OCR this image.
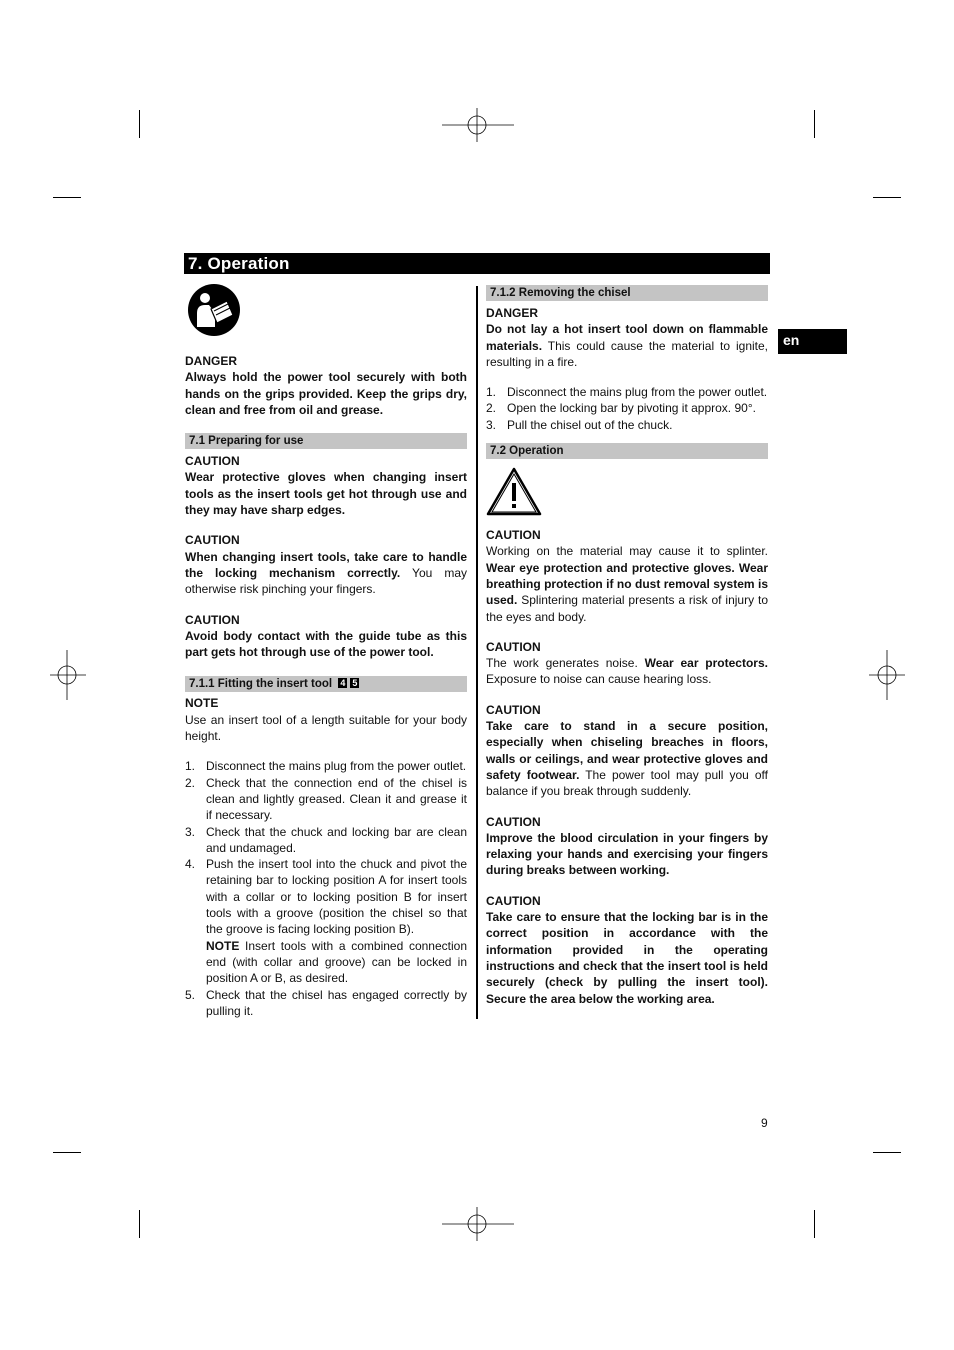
7. Operation
en
DANGER

Always hold the power tool securely with both hands on the grips provided. Keep the grips dry, clean and free from oil and grease.

7.1 Preparing for use
CAUTION

Wear protective gloves when changing insert tools as the insert tools get hot through use and they may have sharp edges.

CAUTION

When changing insert tools, take care to handle the locking mechanism correctly. You may otherwise risk pinching your fingers.

CAUTION

Avoid body contact with the guide tube as this part gets hot through use of the power tool.

7.1.1 Fitting the insert tool 4 5
NOTE

Use an insert tool of a length suitable for your body height.

1. Disconnect the mains plug from the power outlet.
2. Check that the connection end of the chisel is clean and lightly greased. Clean it and grease it if necessary.
3. Check that the chuck and locking bar are clean and undamaged.
4. Push the insert tool into the chuck and pivot the retaining bar to locking position A for insert tools with a collar or to locking position B for insert tools with a groove (position the chisel so that the groove is facing locking position B).

NOTE Insert tools with a combined connection end (with collar and groove) can be locked in position A or B, as desired.

5. Check that the chisel has engaged correctly by pulling it.
7.1.2 Removing the chisel
DANGER

Do not lay a hot insert tool down on flammable materials. This could cause the material to ignite, resulting in a fire.

1. Disconnect the mains plug from the power outlet.
2. Open the locking bar by pivoting it approx. 90°.
3. Pull the chisel out of the chuck.
7.2 Operation
CAUTION

Working on the material may cause it to splinter. Wear eye protection and protective gloves. Wear breathing protection if no dust removal system is used. Splintering material presents a risk of injury to the eyes and body.

CAUTION

The work generates noise. Wear ear protectors. Exposure to noise can cause hearing loss.

CAUTION

Take care to stand in a secure position, especially when chiseling breaches in floors, walls or ceilings, and wear protective gloves and safety footwear. The power tool may pull you off balance if you break through suddenly.

CAUTION

Improve the blood circulation in your fingers by relaxing your hands and exercising your fingers during breaks between working.

CAUTION

Take care to ensure that the locking bar is in the correct position in accordance with the information provided in the operating instructions and check that the insert tool is held securely (check by pulling the insert tool). Secure the area below the working area.

9
